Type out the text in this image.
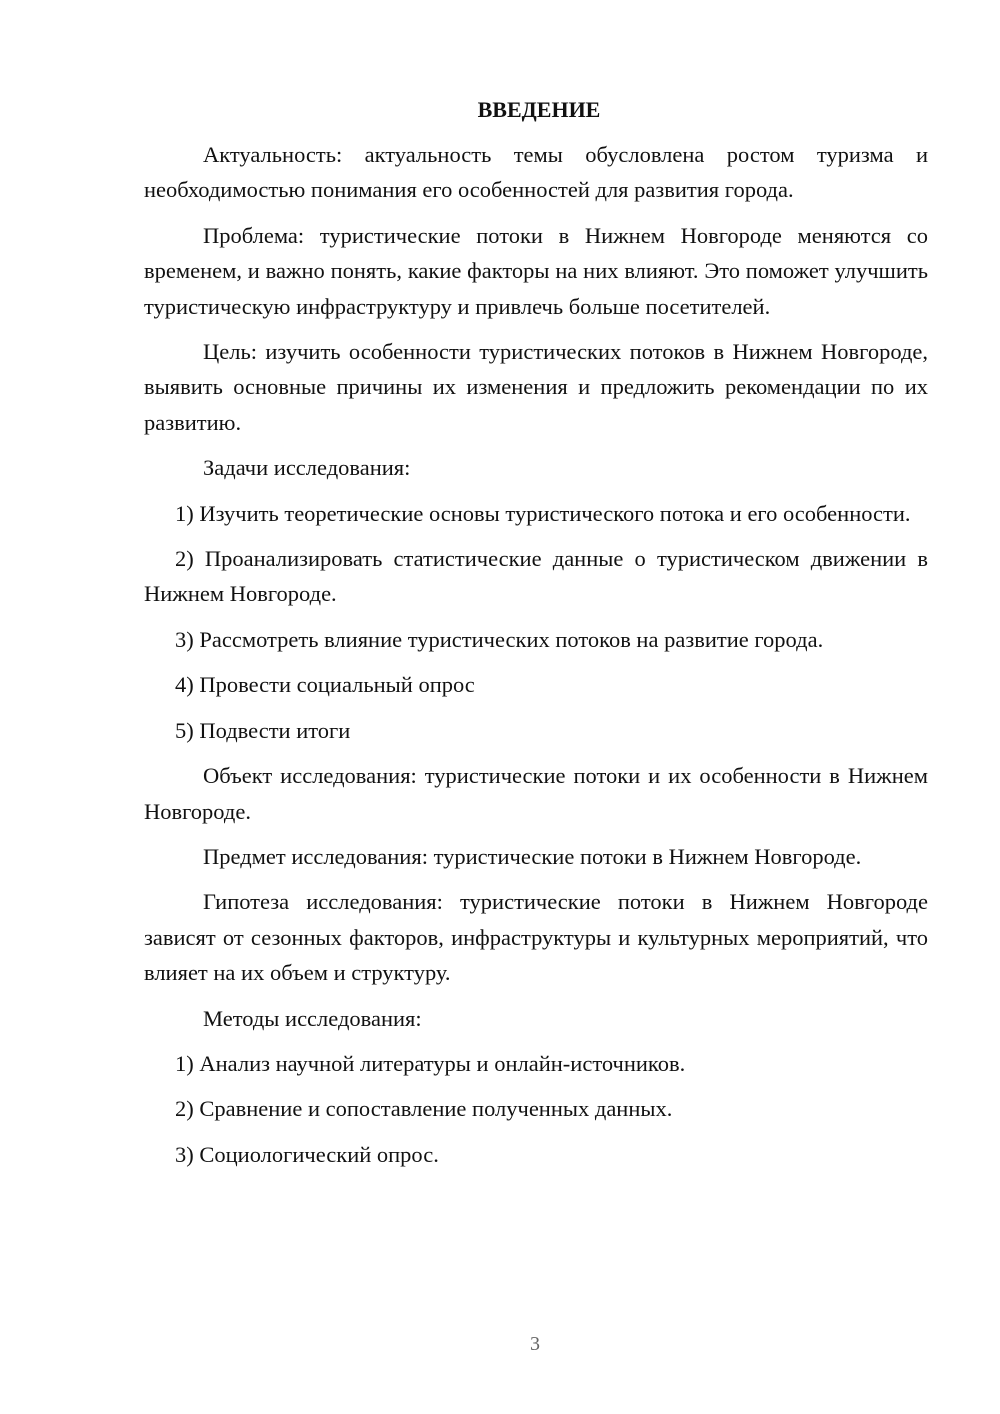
ВВЕДЕНИЕ

Актуальность: актуальность темы обусловлена ростом туризма и необходимостью понимания его особенностей для развития города.

Проблема: туристические потоки в Нижнем Новгороде меняются со временем, и важно понять, какие факторы на них влияют. Это поможет улучшить туристическую инфраструктуру и привлечь больше посетителей.

Цель: изучить особенности туристических потоков в Нижнем Новгороде, выявить основные причины их изменения и предложить рекомендации по их развитию.

Задачи исследования:

1) Изучить теоретические основы туристического потока и его особенности.

2) Проанализировать статистические данные о туристическом движении в Нижнем Новгороде.

3) Рассмотреть влияние туристических потоков на развитие города.

4) Провести социальный опрос

5) Подвести итоги

Объект исследования: туристические потоки и их особенности в Нижнем Новгороде.

Предмет исследования: туристические потоки в Нижнем Новгороде.

Гипотеза исследования: туристические потоки в Нижнем Новгороде зависят от сезонных факторов, инфраструктуры и культурных мероприятий, что влияет на их объем и структуру.

Методы исследования:

1) Анализ научной литературы и онлайн-источников.

2) Сравнение и сопоставление полученных данных.

3) Социологический опрос.

3
